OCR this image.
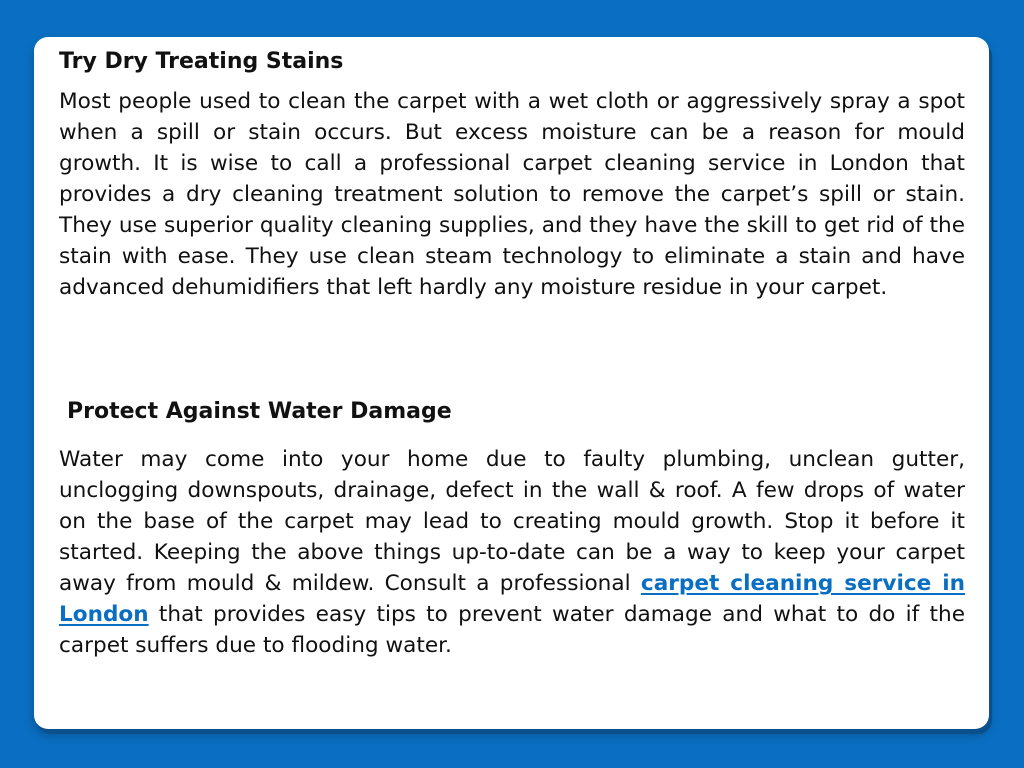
Try Dry Treating Stains

Most people used to clean the carpet with a wet cloth or aggressively spray a spot when a spill or stain occurs. But excess moisture can be a reason for mould growth. It is wise to call a professional carpet cleaning service in London that provides a dry cleaning treatment solution to remove the carpet’s spill or stain. They use superior quality cleaning supplies, and they have the skill to get rid of the stain with ease. They use clean steam technology to eliminate a stain and have advanced dehumidifiers that left hardly any moisture residue in your carpet.

Protect Against Water Damage

Water may come into your home due to faulty plumbing, unclean gutter, unclogging downspouts, drainage, defect in the wall & roof. A few drops of water on the base of the carpet may lead to creating mould growth. Stop it before it started. Keeping the above things up-to-date can be a way to keep your carpet away from mould & mildew. Consult a professional carpet cleaning service in London that provides easy tips to prevent water damage and what to do if the carpet suffers due to flooding water.
